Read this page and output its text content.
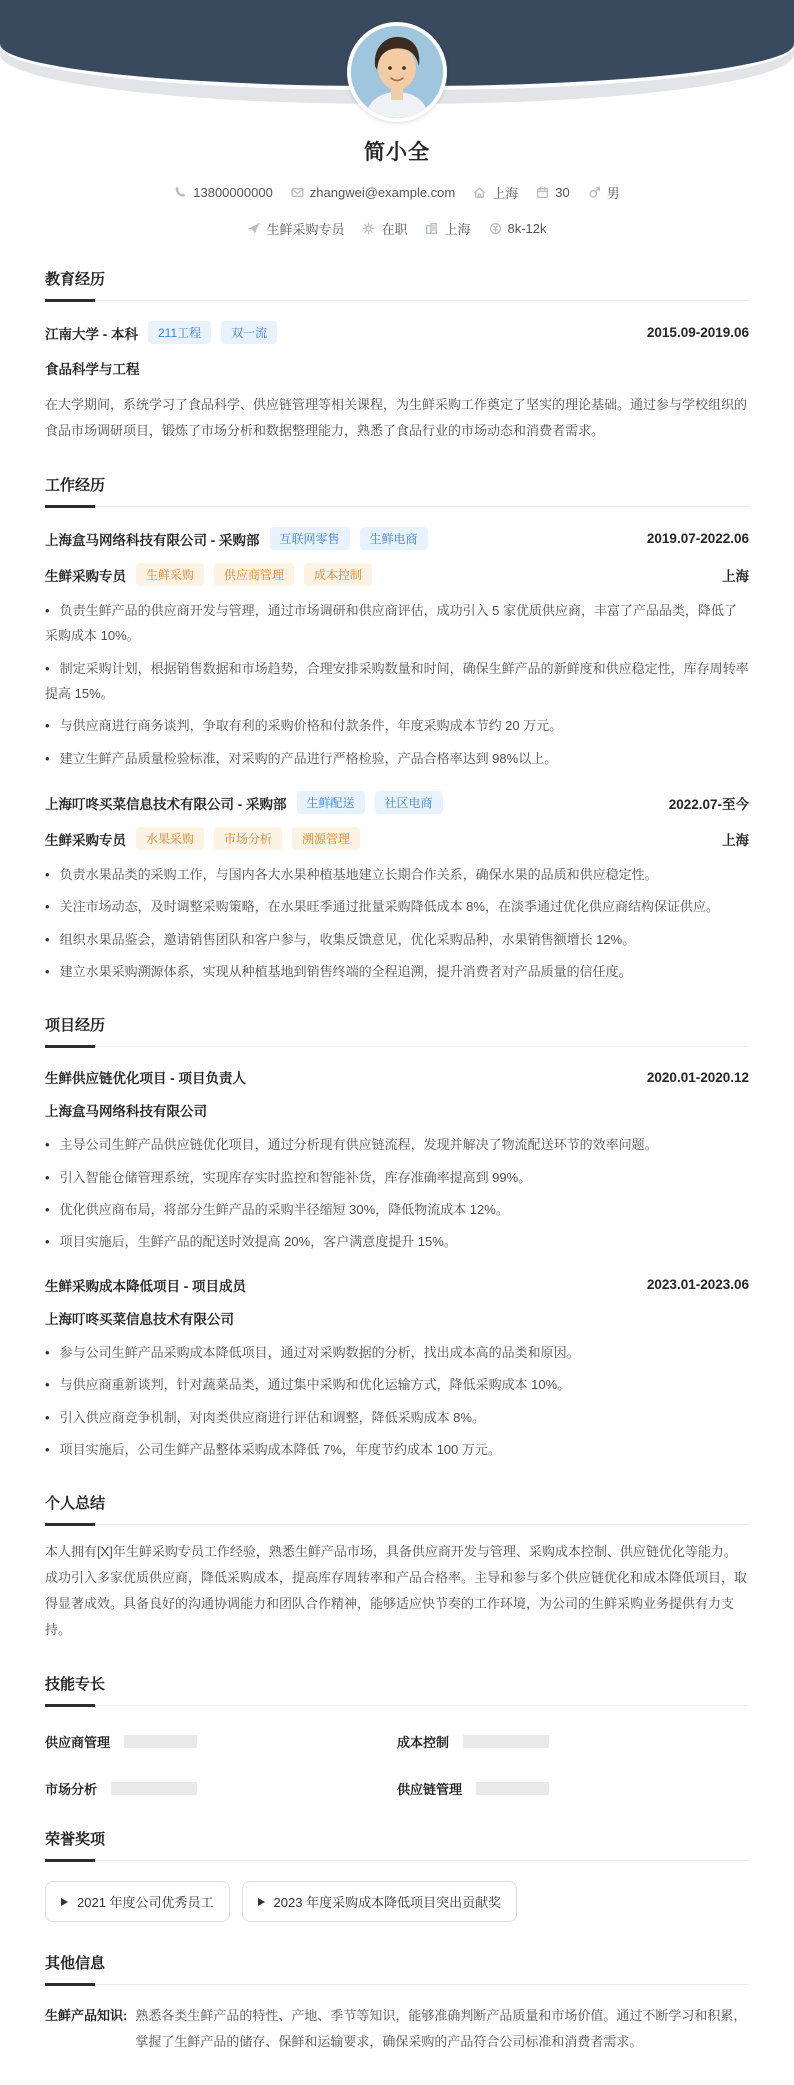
简小全
13800000000	zhangwei@example.com	上海	30	男
生鲜采购专员	在职	上海	8k-12k
教育经历
江南大学 - 本科	211工程	双一流	2015.09-2019.06
食品科学与工程

在大学期间，系统学习了食品科学、供应链管理等相关课程，为生鲜采购工作奠定了坚实的理论基础。通过参与学校组织的食品市场调研项目，锻炼了市场分析和数据整理能力，熟悉了食品行业的市场动态和消费者需求。

工作经历
上海盒马网络科技有限公司 - 采购部	互联网零售	生鲜电商	2019.07-2022.06
生鲜采购专员	生鲜采购	供应商管理	成本控制	上海
• 负责生鲜产品的供应商开发与管理，通过市场调研和供应商评估，成功引入 5 家优质供应商，丰富了产品品类，降低了采购成本 10%。
• 制定采购计划，根据销售数据和市场趋势，合理安排采购数量和时间，确保生鲜产品的新鲜度和供应稳定性，库存周转率提高 15%。
• 与供应商进行商务谈判，争取有利的采购价格和付款条件，年度采购成本节约 20 万元。
• 建立生鲜产品质量检验标准，对采购的产品进行严格检验，产品合格率达到 98%以上。
上海叮咚买菜信息技术有限公司 - 采购部	生鲜配送	社区电商	2022.07-至今
生鲜采购专员	水果采购	市场分析	溯源管理	上海
• 负责水果品类的采购工作，与国内各大水果种植基地建立长期合作关系，确保水果的品质和供应稳定性。
• 关注市场动态，及时调整采购策略，在水果旺季通过批量采购降低成本 8%，在淡季通过优化供应商结构保证供应。
• 组织水果品鉴会，邀请销售团队和客户参与，收集反馈意见，优化采购品种，水果销售额增长 12%。
• 建立水果采购溯源体系，实现从种植基地到销售终端的全程追溯，提升消费者对产品质量的信任度。
项目经历
生鲜供应链优化项目 - 项目负责人	2020.01-2020.12
上海盒马网络科技有限公司
• 主导公司生鲜产品供应链优化项目，通过分析现有供应链流程，发现并解决了物流配送环节的效率问题。
• 引入智能仓储管理系统，实现库存实时监控和智能补货，库存准确率提高到 99%。
• 优化供应商布局，将部分生鲜产品的采购半径缩短 30%，降低物流成本 12%。
• 项目实施后，生鲜产品的配送时效提高 20%，客户满意度提升 15%。
生鲜采购成本降低项目 - 项目成员	2023.01-2023.06
上海叮咚买菜信息技术有限公司
• 参与公司生鲜产品采购成本降低项目，通过对采购数据的分析，找出成本高的品类和原因。
• 与供应商重新谈判，针对蔬菜品类，通过集中采购和优化运输方式，降低采购成本 10%。
• 引入供应商竞争机制，对肉类供应商进行评估和调整，降低采购成本 8%。
• 项目实施后，公司生鲜产品整体采购成本降低 7%，年度节约成本 100 万元。
个人总结

本人拥有[X]年生鲜采购专员工作经验，熟悉生鲜产品市场，具备供应商开发与管理、采购成本控制、供应链优化等能力。成功引入多家优质供应商，降低采购成本，提高库存周转率和产品合格率。主导和参与多个供应链优化和成本降低项目，取得显著成效。具备良好的沟通协调能力和团队合作精神，能够适应快节奏的工作环境，为公司的生鲜采购业务提供有力支持。

技能专长
供应商管理	成本控制
市场分析	供应链管理
荣誉奖项
2021 年度公司优秀员工	2023 年度采购成本降低项目突出贡献奖
其他信息
生鲜产品知识: 熟悉各类生鲜产品的特性、产地、季节等知识，能够准确判断产品质量和市场价值。通过不断学习和积累，掌握了生鲜产品的储存、保鲜和运输要求，确保采购的产品符合公司标准和消费者需求。
